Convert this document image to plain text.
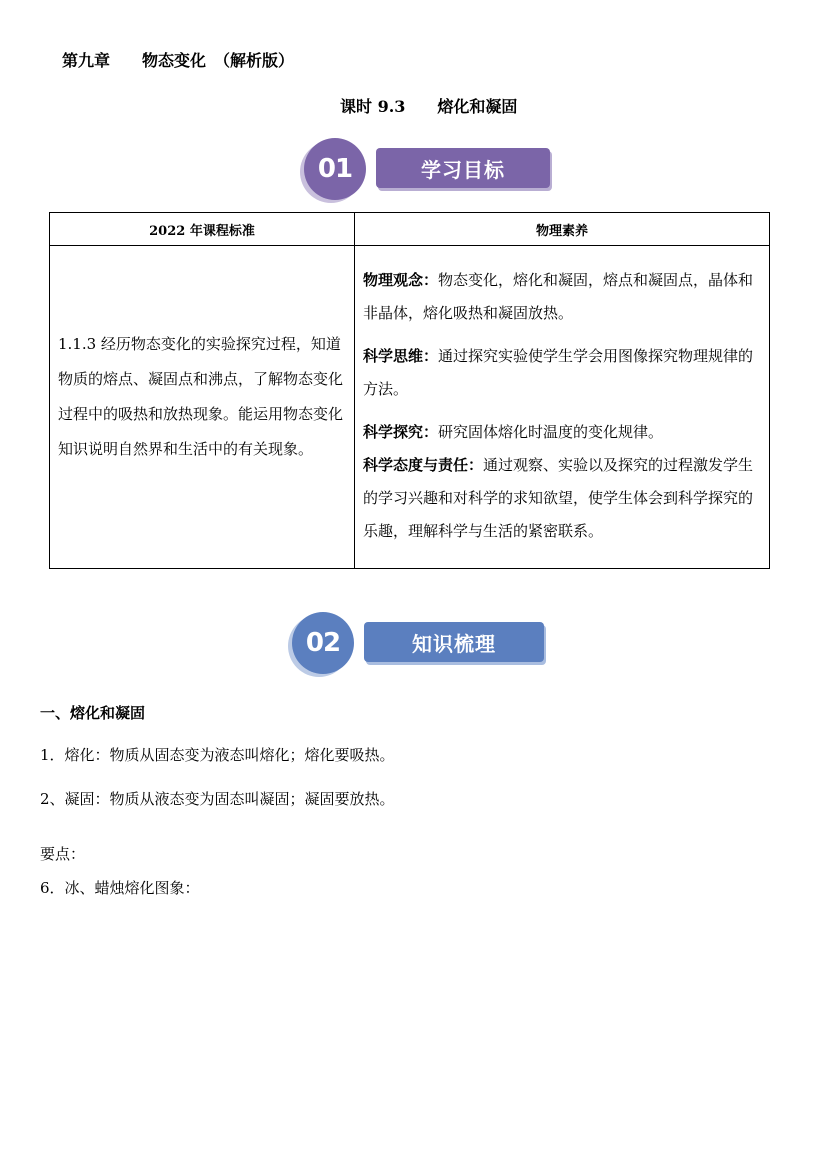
第九章　　物态变化　（解析版）
课时 9.3　　熔化和凝固
学习目标
01
2022 年课程标准	物理素养

1.1.3 经历物态变化的实验探究过程，知道物质的熔点、凝固点和沸点，了解物态变化过程中的吸热和放热现象。能运用物态变化知识说明自然界和生活中的有关现象。	物理观念：物态变化，熔化和凝固，熔点和凝固点，晶体和非晶体，熔化吸热和凝固放热。

科学思维：通过探究实验使学生学会用图像探究物理规律的方法。

科学探究：研究固体熔化时温度的变化规律。

科学态度与责任：通过观察、实验以及探究的过程激发学生的学习兴趣和对科学的求知欲望，使学生体会到科学探究的乐趣，理解科学与生活的紧密联系。

知识梳理
02
一、熔化和凝固
1．熔化：物质从固态变为液态叫熔化；熔化要吸热。
2、凝固：物质从液态变为固态叫凝固；凝固要放热。
要点：
6．冰、蜡烛熔化图象：
